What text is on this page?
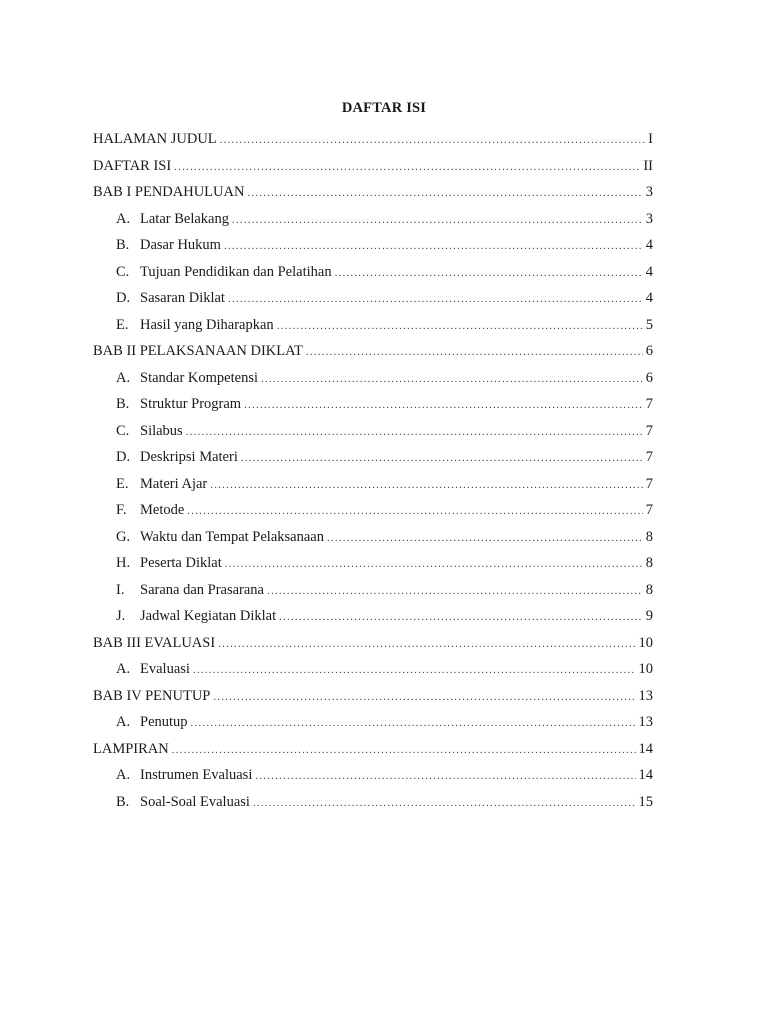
DAFTAR ISI
HALAMAN JUDUL .....	I
DAFTAR ISI .....	II
BAB I PENDAHULUAN .....	3
A. Latar Belakang .....	3
B. Dasar Hukum .....	4
C. Tujuan Pendidikan dan Pelatihan .....	4
D. Sasaran Diklat .....	4
E. Hasil yang Diharapkan .....	5
BAB II PELAKSANAAN DIKLAT .....	6
A. Standar Kompetensi .....	6
B. Struktur Program .....	7
C. Silabus .....	7
D. Deskripsi Materi .....	7
E. Materi Ajar .....	7
F. Metode .....	7
G. Waktu dan Tempat Pelaksanaan .....	8
H. Peserta Diklat .....	8
I.	Sarana dan Prasarana .....	8
J.	Jadwal Kegiatan Diklat .....	9
BAB III EVALUASI .....	10
A. Evaluasi .....	10
BAB IV PENUTUP .....	13
A. Penutup .....	13
LAMPIRAN .....	14
A. Instrumen Evaluasi .....	14
B. Soal-Soal Evaluasi .....	15
